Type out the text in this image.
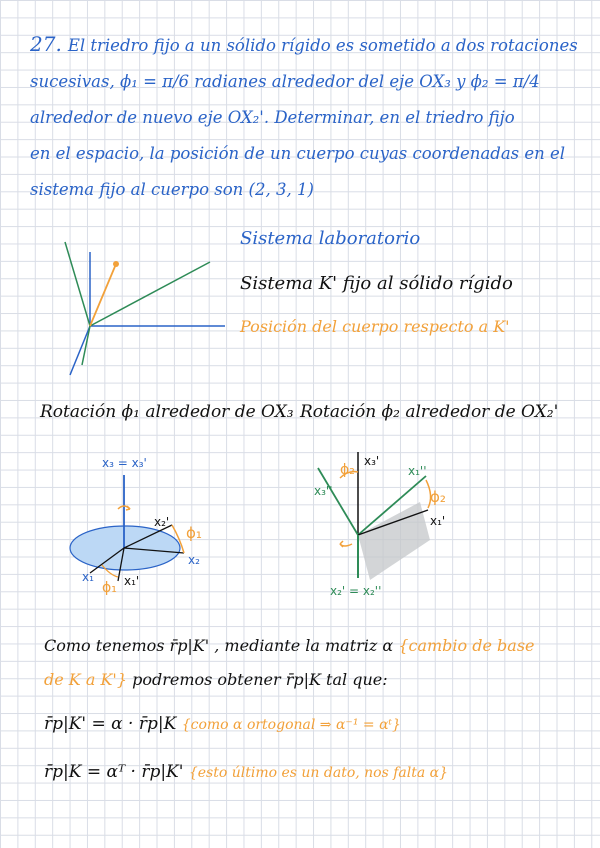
27. El triedro fijo a un sólido rígido es sometido a dos rotaciones
sucesivas, ϕ₁ = π/6 radianes alrededor del eje OX₃ y ϕ₂ = π/4
alrededor de nuevo eje OX₂'. Determinar, en el triedro fijo
en el espacio, la posición de un cuerpo cuyas coordenadas en el
sistema fijo al cuerpo son (2, 3, 1)
Sistema laboratorio
Sistema K' fijo al sólido rígido
Posición del cuerpo respecto a K'
Rotación ϕ₁ alrededor de OX₃ Rotación ϕ₂ alrededor de OX₂'
x₃ = x₃'
x₂'
ϕ₁
x₂
x₁	x₁'
ϕ₁
x₃'
ϕ₂
x₃''
x₁''
ϕ₂
x₁'
x₂' = x₂''
Como tenemos r̄p|K' , mediante la matriz α {cambio de base
de K a K'} podremos obtener r̄p|K tal que:
r̄p|K' = α · r̄p|K {como α ortogonal ⇒ α⁻¹ = αᵗ}
r̄p|K = αᵀ · r̄p|K' {esto último es un dato, nos falta α}
